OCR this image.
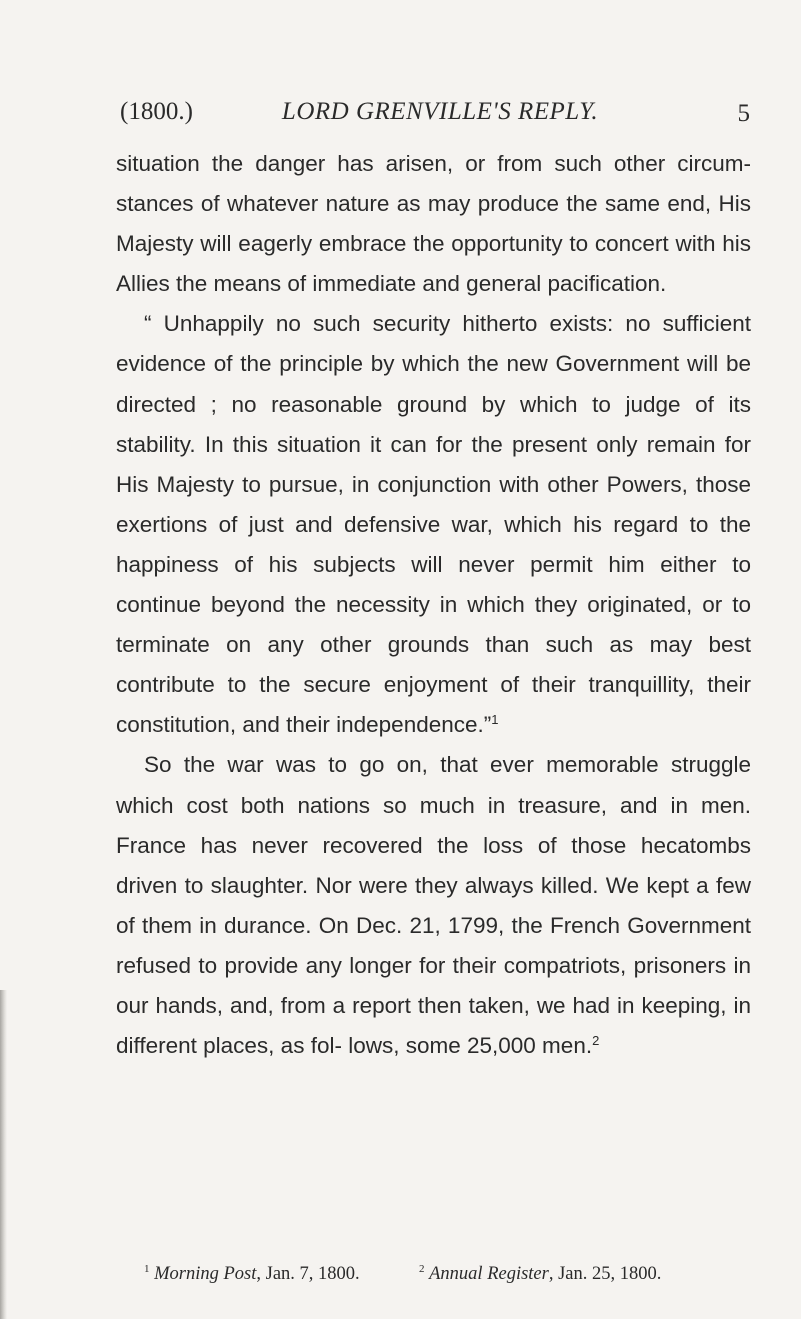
(1800.)	LORD GRENVILLE'S REPLY.	5

situation the danger has arisen, or from such other circum- stances of whatever nature as may produce the same end, His Majesty will eagerly embrace the opportunity to concert with his Allies the means of immediate and general pacification.

“ Unhappily no such security hitherto exists: no sufficient evidence of the principle by which the new Government will be directed ; no reasonable ground by which to judge of its stability. In this situation it can for the present only remain for His Majesty to pursue, in conjunction with other Powers, those exertions of just and defensive war, which his regard to the happiness of his subjects will never permit him either to continue beyond the necessity in which they originated, or to terminate on any other grounds than such as may best contribute to the secure enjoyment of their tranquillity, their constitution, and their independence.”$^1$

So the war was to go on, that ever memorable struggle which cost both nations so much in treasure, and in men. France has never recovered the loss of those hecatombs driven to slaughter. Nor were they always killed. We kept a few of them in durance. On Dec. 21, 1799, the French Government refused to provide any longer for their compatriots, prisoners in our hands, and, from a report then taken, we had in keeping, in different places, as fol- lows, some 25,000 men.$^2$

$^1$ Morning Post, Jan. 7, 1800.	$^2$ Annual Register, Jan. 25, 1800.
